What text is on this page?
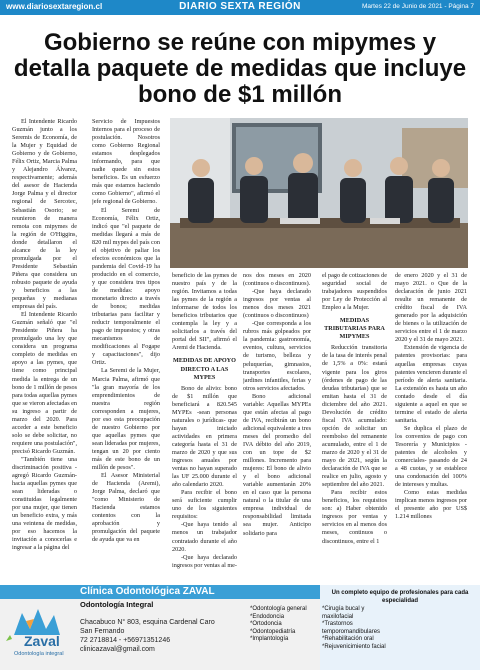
www.diariosextaregion.cl	DIARIO SEXTA REGIÓN	Martes 22 de Junio de 2021 - Página 7
Gobierno se reúne con mipymes y detalla paquete de medidas que incluye bono de $1 millón

El Intendente Ricardo Guzmán junto a los Seremis de Economía, de la Mujer y Equidad de Gobierno y de Gobierno, Félix Ortiz, Marcia Palma y Alejandro Álvarez, respectivamente; además del asesor de Hacienda Jorge Palma y el director regional de Sercotec, Sebastián Osorio; se reunieron de manera remota con mipymes de la región de O'Higgins, donde detallaron el alcance de la ley promulgada por el Presidente Sebastián Piñera que considera un robusto paquete de ayuda y beneficios a las pequeñas y medianas empresas del país.

El Intendente Ricardo Guzmán señaló que "el Presidente Piñera ha promulgado una ley que considera un programa completo de medidas en apoyo a las pymes, que tiene como principal medida la entrega de un bono de 1 millón de pesos para todas aquellas pymes que se vieron afectadas en su ingreso a partir de marzo del 2020. Para acceder a este beneficio solo se debe solicitar, no requiere una postulación", precisó Ricardo Guzmán.

"También tiene una discriminación positiva -agregó Ricardo Guzmán- hacia aquellas pymes que sean lideradas o constituidas legalmente por una mujer, que tienen un beneficio extra, y más una veintena de medidas, por eso hacemos la invitación a conocerlas e ingresar a la página del

Servicio de Impuestos Internos para el proceso de postulación. Nosotros como Gobierno Regional estamos desplegados informando, para que nadie quede sin estos beneficios. Es un esfuerzo más que estamos haciendo como Gobierno", afirmó el jefe regional de Gobierno.

El Seremi de Economía, Félix Ortiz, indicó que "el paquete de medidas llegará a más de 820 mil mypes del país con el objetivo de paliar los efectos económicos que la pandemia del Covid-19 ha producido en el comercio, y que considera tres tipos de medidas: apoyo monetario directo a través de bonos; medidas tributarias para facilitar y reducir temporalmente el pago de impuestos; y otras mecanismos de modificaciones al Fogape y capacitaciones", dijo Ortiz.

La Seremi de la Mujer, Marcia Palma, afirmó que "la gran mayoría de los emprendimientos de nuestra región corresponden a mujeres, por eso esta preocupación de nuestro Gobierno por que aquellas pymes que sean lideradas por mujeres, tengan un 20 por ciento más de este bono de un millón de pesos".

El Asesor Ministerial de Hacienda (Aremi), Jorge Palma, declaró que "como Ministerio de Hacienda estamos contentos con la aprobación y promulgación del paquete de ayuda que va en

beneficio de las pymes de nuestro país y de la región. Invitamos a todas las pymes de la región a informarse de todos los beneficios tributarios que contempla la ley y a solicitarlos a través del portal del SII", afirmó el Aremi de Hacienda.

MEDIDAS DE APOYO DIRECTO A LAS MYPES

Bono de alivio: bono de $1 millón que beneficiará a 820.545 MYPEs -sean personas naturales o jurídicas- que hayan iniciado actividades en primera categoría hasta el 31 de marzo de 2020 y que sus ingresos anuales por ventas no hayan superado las UF 25.000 durante el año calendario 2020.

Para recibir el bono será suficiente cumplir uno de los siguientes requisitos:

-Que haya tenido al menos un trabajador contratado durante el año 2020.

-Que haya declarado ingresos por ventas al me-

nos dos meses en 2020 (continuos o discontinuos).

-Que haya declarado ingresos por ventas al menos dos meses 2021 (continuos o discontinuos)

-Que corresponda a los rubros más golpeados por la pandemia: gastronomía, eventos, cultura, servicios de turismo, belleza y peluquerías, gimnasios, transportes escolares, jardines infantiles, ferias y otros servicios afectados.

Bono adicional variable: Aquellas MYPEs que están afectas al pago de IVA, recibirán un bono adicional equivalente a tres meses del promedio del IVA débito del año 2019, con un tope de $2 millones. Incremento para mujeres: El bono de alivio y el bono adicional variable aumentarán 20% en el caso que la persona natural o la titular de una empresa individual de responsabilidad limitada sea mujer. Anticipo solidario para

el pago de cotizaciones de seguridad social de trabajadores suspendidos por Ley de Protección al Empleo a la Mujer.

MEDIDAS TRIBUTARIAS PARA MIPYMES

Reducción transitoria de la tasa de interés penal de 1,5% a 0%: estará vigente para los giros (órdenes de pago de las deudas tributarias) que se emitan hasta el 31 de diciembre del año 2021. Devolución de crédito fiscal IVA acumulado: opción de solicitar un reembolso del remanente acumulado, entre el 1 de marzo de 2020 y el 31 de mayo de 2021, según la declaración de IVA que se realice en julio, agosto y septiembre del año 2021.

Para recibir estos beneficios, los requisitos son: a) Haber obtenido ingresos por ventas y servicios en al menos dos meses, continuos o discontinuos, entre el 1

de enero 2020 y el 31 de mayo 2021. o Que de la declaración de junio 2021 resulte un remanente de crédito fiscal de IVA generado por la adquisición de bienes o la utilización de servicios entre el 1 de marzo 2020 y el 31 de mayo 2021.

Extensión de vigencia de patentes provisorias: para aquellas empresas cuyas patentes vencieren durante el período de alerta sanitaria. La extensión es hasta un año contado desde el día siguiente a aquel en que se termine el estado de alerta sanitaria.

Se duplica el plazo de los convenios de pago con Tesorería y Municipios -patentes de alcoholes y comerciales- pasando de 24 a 48 cuotas, y se establece una condonación del 100% de intereses y multas.

Como estas medidas implican menos ingresos por el presente año por US$ 1.214 millones

Clínica Odontológica ZAVAL
Zaval
Odontología integral
Odontología Integral
Chacabuco N° 803, esquina Cardenal Caro
San Fernando
72 2718814 - +56971351246
clinicazaval@gmail.com
Un completo equipo de profesionales para cada especialidad
*Odontología general
*Endodoncia
*Ortodoncia
*Odontopediatría
*Implantología
*Cirugía bucal y maxilofacial
*Trastornos temporomandibulares
*Rehabilitación oral
*Rejuvenicimiento facial
